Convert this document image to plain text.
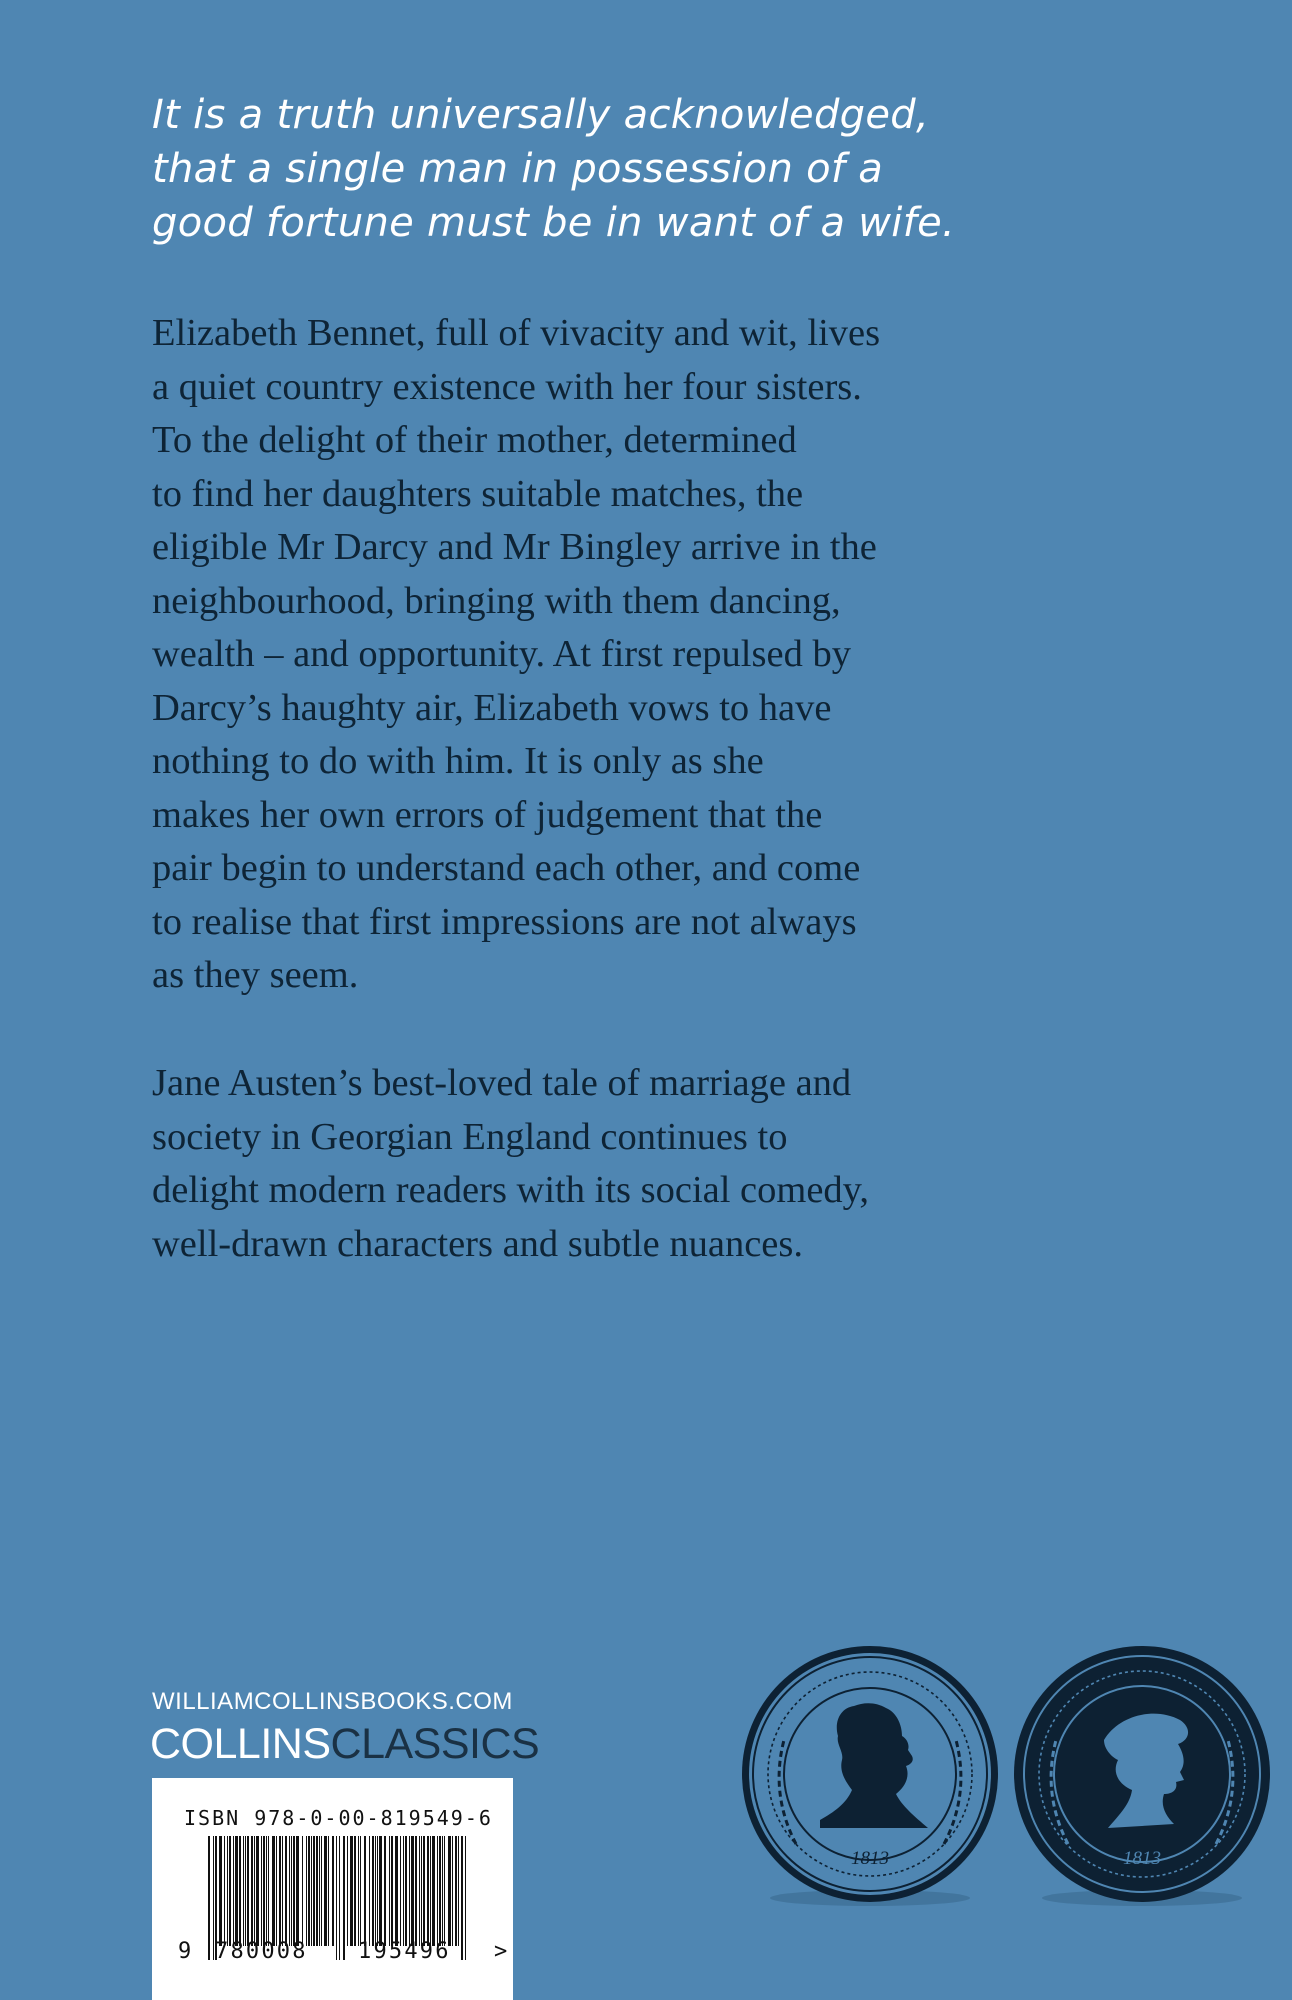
It is a truth universally acknowledged,
that a single man in possession of a
good fortune must be in want of a wife.

Elizabeth Bennet, full of vivacity and wit, lives
a quiet country existence with her four sisters.
To the delight of their mother, determined
to find her daughters suitable matches, the
eligible Mr Darcy and Mr Bingley arrive in the
neighbourhood, bringing with them dancing,
wealth – and opportunity. At first repulsed by
Darcy’s haughty air, Elizabeth vows to have
nothing to do with him. It is only as she
makes her own errors of judgement that the
pair begin to understand each other, and come
to realise that first impressions are not always
as they seem.

Jane Austen’s best-loved tale of marriage and
society in Georgian England continues to
delight modern readers with its social comedy,
well-drawn characters and subtle nuances.

WILLIAMCOLLINSBOOKS.COM
COLLINSCLASSICS
ISBN 978-0-00-819549-6
9 780008 195496 >
1813	1813
